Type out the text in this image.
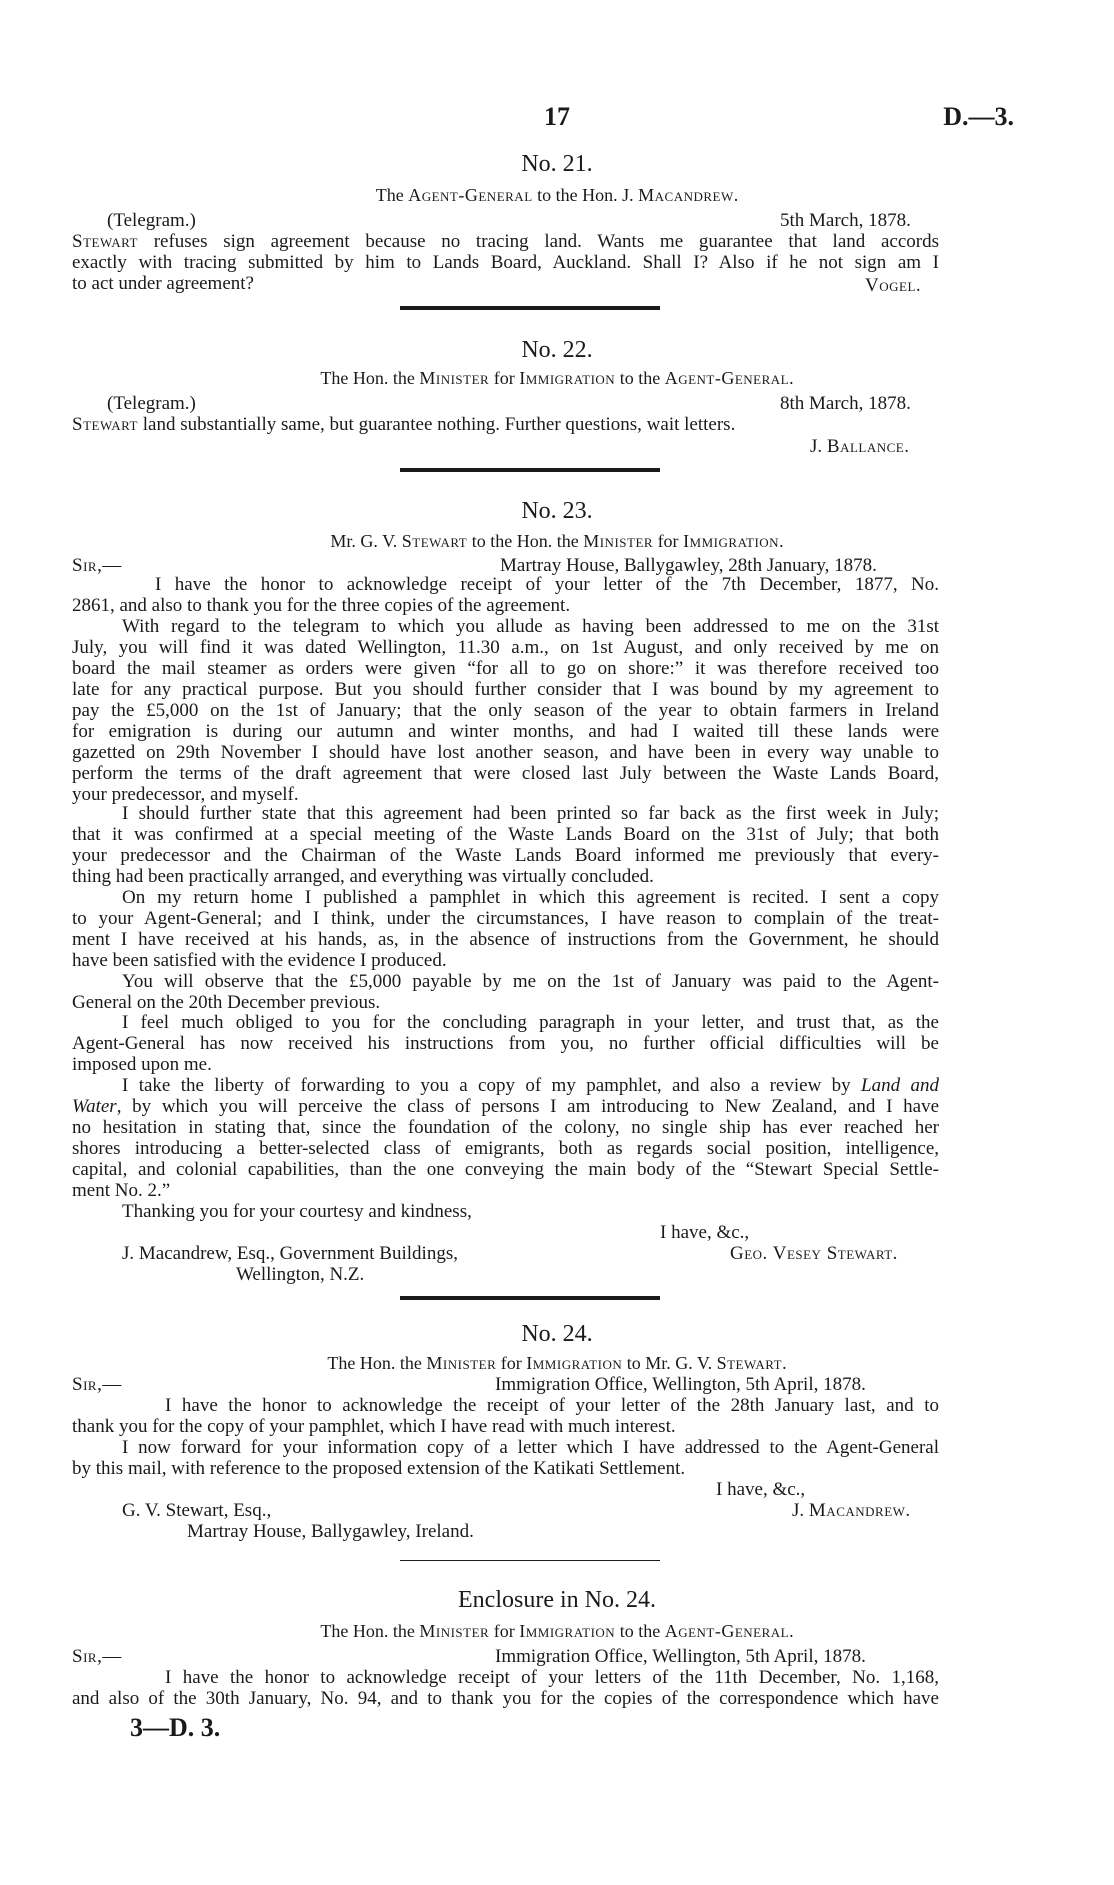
17	D.—3.
No. 21.
The Agent-General to the Hon. J. Macandrew.
(Telegram.)	5th March, 1878.
Stewart refuses sign agreement because no tracing land. Wants me guarantee that land accords
exactly with tracing submitted by him to Lands Board, Auckland. Shall I? Also if he not sign am I
to act under agreement?	Vogel.
No. 22.
The Hon. the Minister for Immigration to the Agent-General.
(Telegram.)	8th March, 1878.
Stewart land substantially same, but guarantee nothing. Further questions, wait letters.
J. Ballance.
No. 23.
Mr. G. V. Stewart to the Hon. the Minister for Immigration.
Sir,—	Martray House, Ballygawley, 28th January, 1878.
I have the honor to acknowledge receipt of your letter of the 7th December, 1877, No.
2861, and also to thank you for the three copies of the agreement.
With regard to the telegram to which you allude as having been addressed to me on the 31st
July, you will find it was dated Wellington, 11.30 a.m., on 1st August, and only received by me on
board the mail steamer as orders were given “for all to go on shore:” it was therefore received too
late for any practical purpose. But you should further consider that I was bound by my agreement to
pay the £5,000 on the 1st of January; that the only season of the year to obtain farmers in Ireland
for emigration is during our autumn and winter months, and had I waited till these lands were
gazetted on 29th November I should have lost another season, and have been in every way unable to
perform the terms of the draft agreement that were closed last July between the Waste Lands Board,
your predecessor, and myself.
I should further state that this agreement had been printed so far back as the first week in July;
that it was confirmed at a special meeting of the Waste Lands Board on the 31st of July; that both
your predecessor and the Chairman of the Waste Lands Board informed me previously that every-
thing had been practically arranged, and everything was virtually concluded.
On my return home I published a pamphlet in which this agreement is recited. I sent a copy
to your Agent-General; and I think, under the circumstances, I have reason to complain of the treat-
ment I have received at his hands, as, in the absence of instructions from the Government, he should
have been satisfied with the evidence I produced.
You will observe that the £5,000 payable by me on the 1st of January was paid to the Agent-
General on the 20th December previous.
I feel much obliged to you for the concluding paragraph in your letter, and trust that, as the
Agent-General has now received his instructions from you, no further official difficulties will be
imposed upon me.
I take the liberty of forwarding to you a copy of my pamphlet, and also a review by Land and
Water, by which you will perceive the class of persons I am introducing to New Zealand, and I have
no hesitation in stating that, since the foundation of the colony, no single ship has ever reached her
shores introducing a better-selected class of emigrants, both as regards social position, intelligence,
capital, and colonial capabilities, than the one conveying the main body of the “Stewart Special Settle-
ment No. 2.”
Thanking you for your courtesy and kindness,
I have, &c.,
J. Macandrew, Esq., Government Buildings,	Geo. Vesey Stewart.
Wellington, N.Z.
No. 24.
The Hon. the Minister for Immigration to Mr. G. V. Stewart.
Sir,—	Immigration Office, Wellington, 5th April, 1878.
I have the honor to acknowledge the receipt of your letter of the 28th January last, and to
thank you for the copy of your pamphlet, which I have read with much interest.
I now forward for your information copy of a letter which I have addressed to the Agent-General
by this mail, with reference to the proposed extension of the Katikati Settlement.
I have, &c.,
G. V. Stewart, Esq.,	J. Macandrew.
Martray House, Ballygawley, Ireland.
Enclosure in No. 24.
The Hon. the Minister for Immigration to the Agent-General.
Sir,—	Immigration Office, Wellington, 5th April, 1878.
I have the honor to acknowledge receipt of your letters of the 11th December, No. 1,168,
and also of the 30th January, No. 94, and to thank you for the copies of the correspondence which have
3—D. 3.
